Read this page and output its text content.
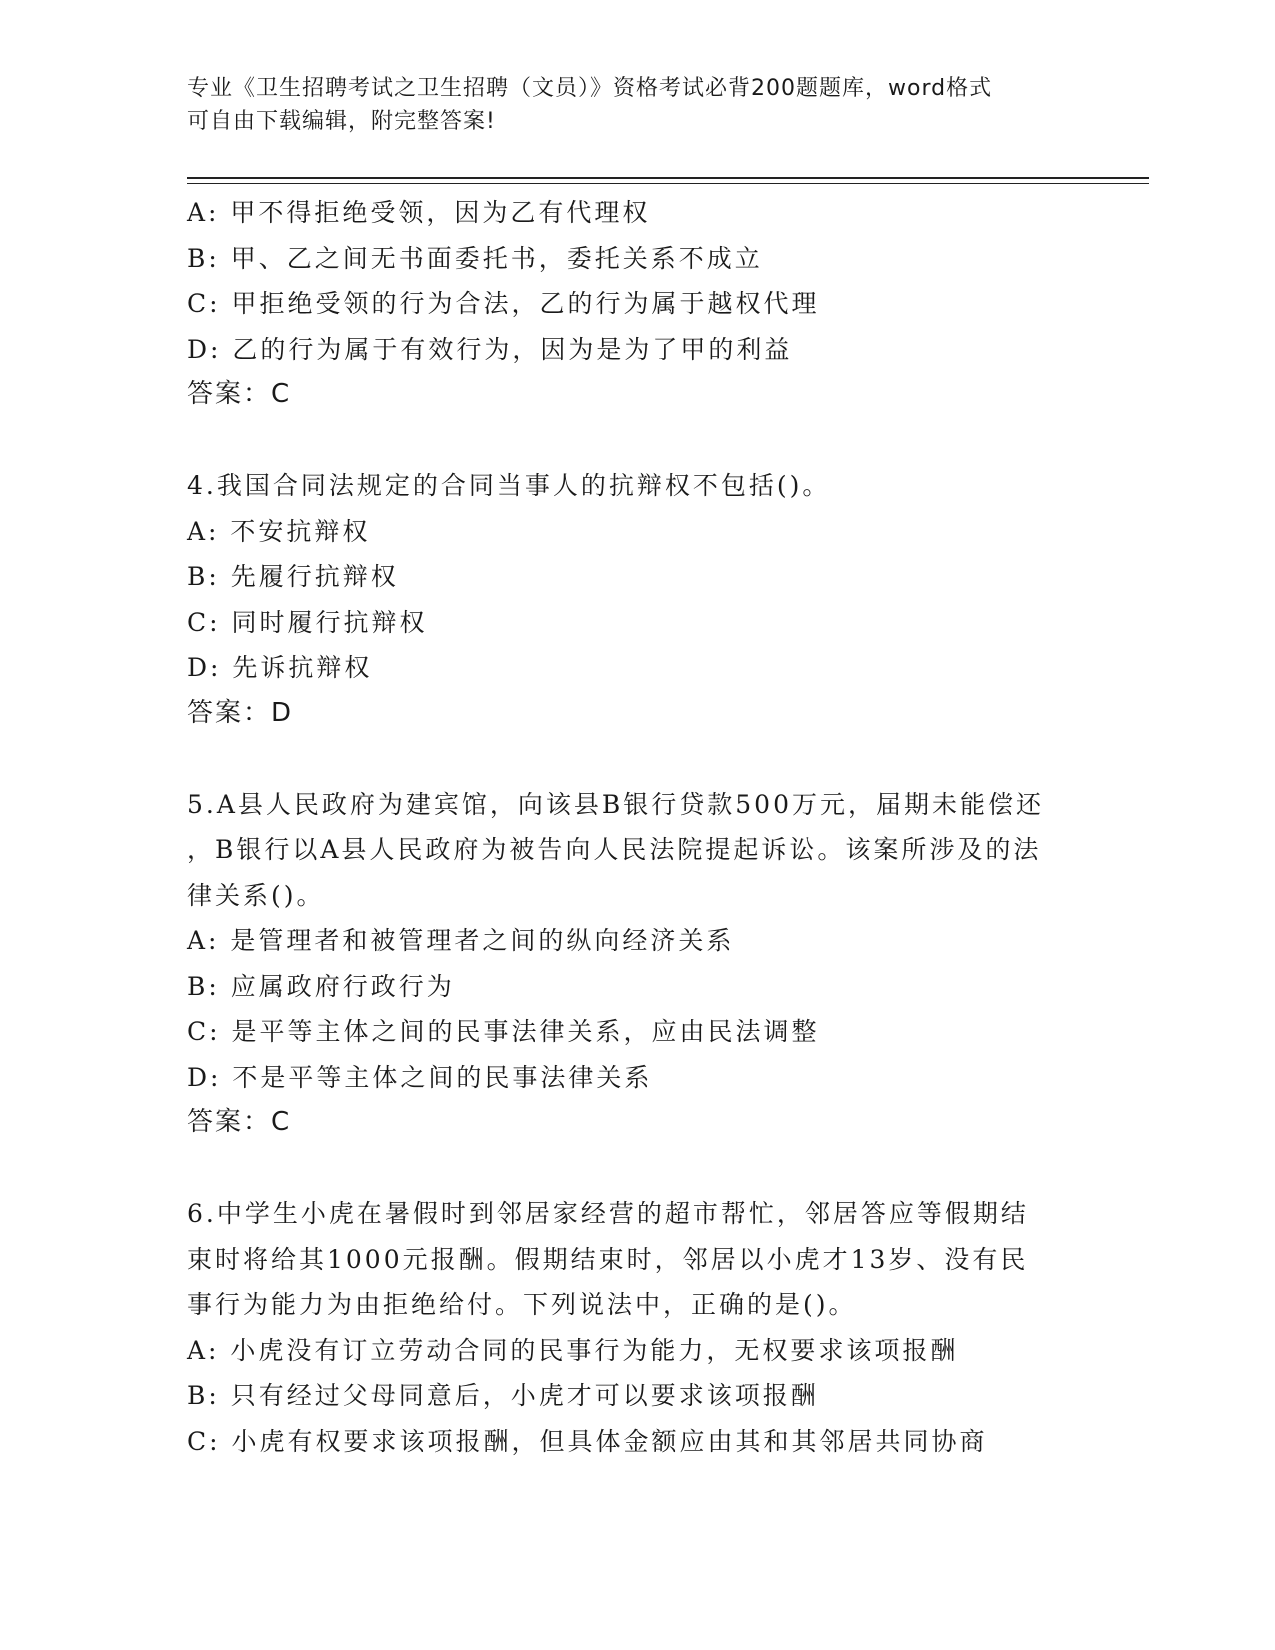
专业《卫生招聘考试之卫生招聘（文员）》资格考试必背200题题库，word格式
可自由下载编辑，附完整答案!
A: 甲不得拒绝受领，因为乙有代理权
B: 甲、乙之间无书面委托书，委托关系不成立
C: 甲拒绝受领的行为合法，乙的行为属于越权代理
D: 乙的行为属于有效行为，因为是为了甲的利益
答案：C
4.我国合同法规定的合同当事人的抗辩权不包括()。
A: 不安抗辩权
B: 先履行抗辩权
C: 同时履行抗辩权
D: 先诉抗辩权
答案：D
5.A县人民政府为建宾馆，向该县B银行贷款500万元，届期未能偿还
，B银行以A县人民政府为被告向人民法院提起诉讼。该案所涉及的法
律关系()。
A: 是管理者和被管理者之间的纵向经济关系
B: 应属政府行政行为
C: 是平等主体之间的民事法律关系，应由民法调整
D: 不是平等主体之间的民事法律关系
答案：C
6.中学生小虎在暑假时到邻居家经营的超市帮忙，邻居答应等假期结
束时将给其1000元报酬。假期结束时，邻居以小虎才13岁、没有民
事行为能力为由拒绝给付。下列说法中，正确的是()。
A: 小虎没有订立劳动合同的民事行为能力，无权要求该项报酬
B: 只有经过父母同意后，小虎才可以要求该项报酬
C: 小虎有权要求该项报酬，但具体金额应由其和其邻居共同协商
